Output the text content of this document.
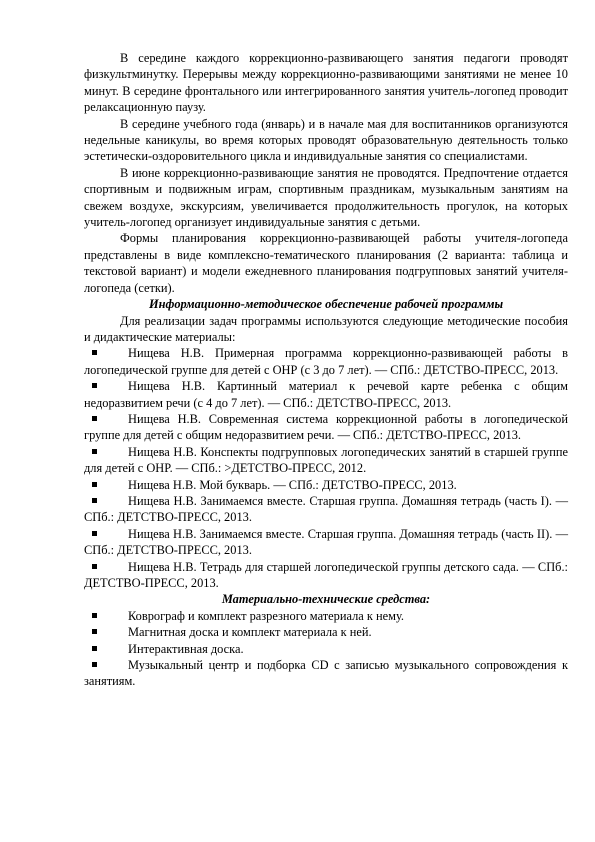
В середине каждого коррекционно-развивающего занятия педагоги проводят физкультминутку. Перерывы между коррекционно-развивающими занятиями не менее 10 минут. В середине фронтального или интегрированного занятия учитель-логопед проводит релаксационную паузу.

В середине учебного года (январь) и в начале мая для воспитанников организуются недельные каникулы, во время которых проводят образовательную деятельность только эстетически-оздоровительного цикла и индивидуальные занятия со специалистами.

В июне коррекционно-развивающие занятия не проводятся. Предпочтение отдается спортивным и подвижным играм, спортивным праздникам, музыкальным занятиям на свежем воздухе, экскурсиям, увеличивается продолжительность прогулок, на которых учитель-логопед организует индивидуальные занятия с детьми.

Формы планирования коррекционно-развивающей работы учителя-логопеда представлены в виде комплексно-тематического планирования (2 варианта: таблица и текстовой вариант) и модели ежедневного планирования подгрупповых занятий учителя-логопеда (сетки).

Информационно-методическое обеспечение рабочей программы

Для реализации задач программы используются следующие методические пособия и дидактические материалы:

Нищева Н.В. Примерная программа коррекционно-развивающей работы в логопедической группе для детей с ОНР (с 3 до 7 лет). — СПб.: ДЕТСТВО-ПРЕСС, 2013.

Нищева Н.В. Картинный материал к речевой карте ребенка с общим недоразвитием речи (с 4 до 7 лет). — СПб.: ДЕТСТВО-ПРЕСС, 2013.

Нищева Н.В. Современная система коррекционной работы в логопедической группе для детей с общим недоразвитием речи. — СПб.: ДЕТСТВО-ПРЕСС, 2013.

Нищева Н.В. Конспекты подгрупповых логопедических занятий в старшей группе для детей с ОНР. — СПб.: >ДЕТСТВО-ПРЕСС, 2012.

Нищева Н.В. Мой букварь. — СПб.: ДЕТСТВО-ПРЕСС, 2013.

Нищева Н.В. Занимаемся вместе. Старшая группа. Домашняя тетрадь (часть I). — СПб.: ДЕТСТВО-ПРЕСС, 2013.

Нищева Н.В. Занимаемся вместе. Старшая группа. Домашняя тетрадь (часть II). — СПб.: ДЕТСТВО-ПРЕСС, 2013.

Нищева Н.В. Тетрадь для старшей логопедической группы детского сада. — СПб.: ДЕТСТВО-ПРЕСС, 2013.

Материально-технические средства:

Коврограф и комплект разрезного материала к нему.

Магнитная доска и комплект материала к ней.

Интерактивная доска.

Музыкальный центр и подборка CD с записью музыкального сопровождения к занятиям.
